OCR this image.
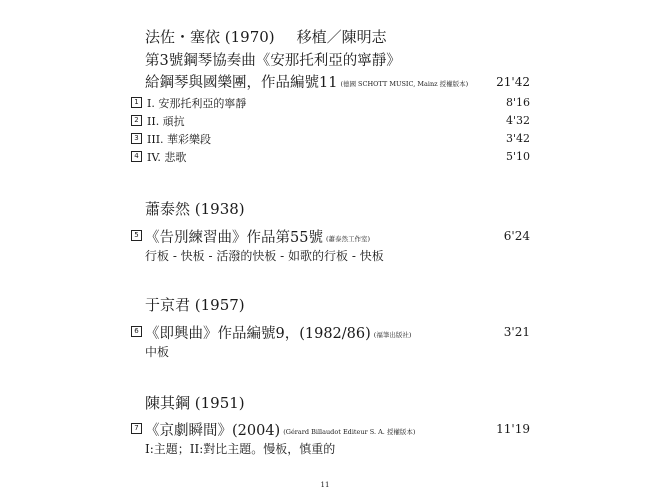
法佐・塞依 (1970) 移植／陳明志
第3號鋼琴協奏曲《安那托利亞的寧靜》
給鋼琴與國樂團，作品編號11 (德國 SCHOTT MUSIC, Mainz 授權版本) 21'42
1 I. 安那托利亞的寧靜	8'16
2 II. 頑抗	4'32
3 III. 華彩樂段	3'42
4 IV. 悲歌	5'10
蕭泰然 (1938)
5 《告別練習曲》作品第55號 (蕭泰然工作室)	6'24
行板 - 快板 - 活潑的快板 - 如歌的行板 - 快板
于京君 (1957)
6 《即興曲》作品編號9，(1982/86) (福筆出版社)	3'21
中板
陳其鋼 (1951)
7 《京劇瞬間》(2004) (Gérard Billaudot Editeur S. A. 授權版本)	11'19
I:主題；II:對比主題。慢板，慎重的
11
